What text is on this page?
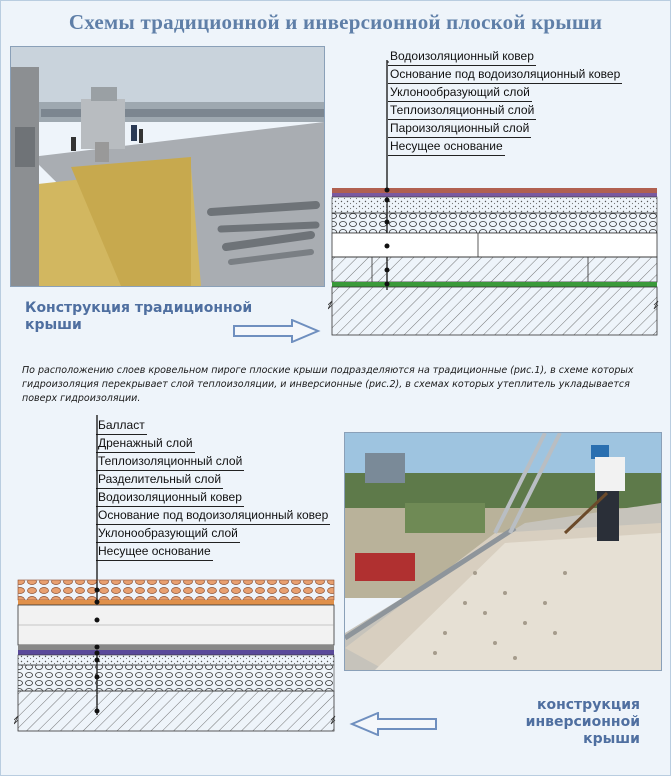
Схемы традиционной и инверсионной плоской крыши
Водоизоляционный ковер
Основание под водоизоляционный ковер
Уклонообразующий слой
Теплоизоляционный слой
Пароизоляционный слой
Несущее основание
Конструкция традиционной
крыши
По расположению слоев кровельном пироге плоские крыши подразделяются на традиционные (рис.1), в схеме которых гидроизоляция перекрывает слой теплоизоляции, и инверсионные (рис.2), в схемах которых утеплитель укладывается поверх гидроизоляции.
Балласт
Дренажный слой
Теплоизоляционный слой
Разделительный слой
Водоизоляционный ковер
Основание под водоизоляционный ковер
Уклонообразующий слой
Несущее основание
конструкция инверсионной
крыши
